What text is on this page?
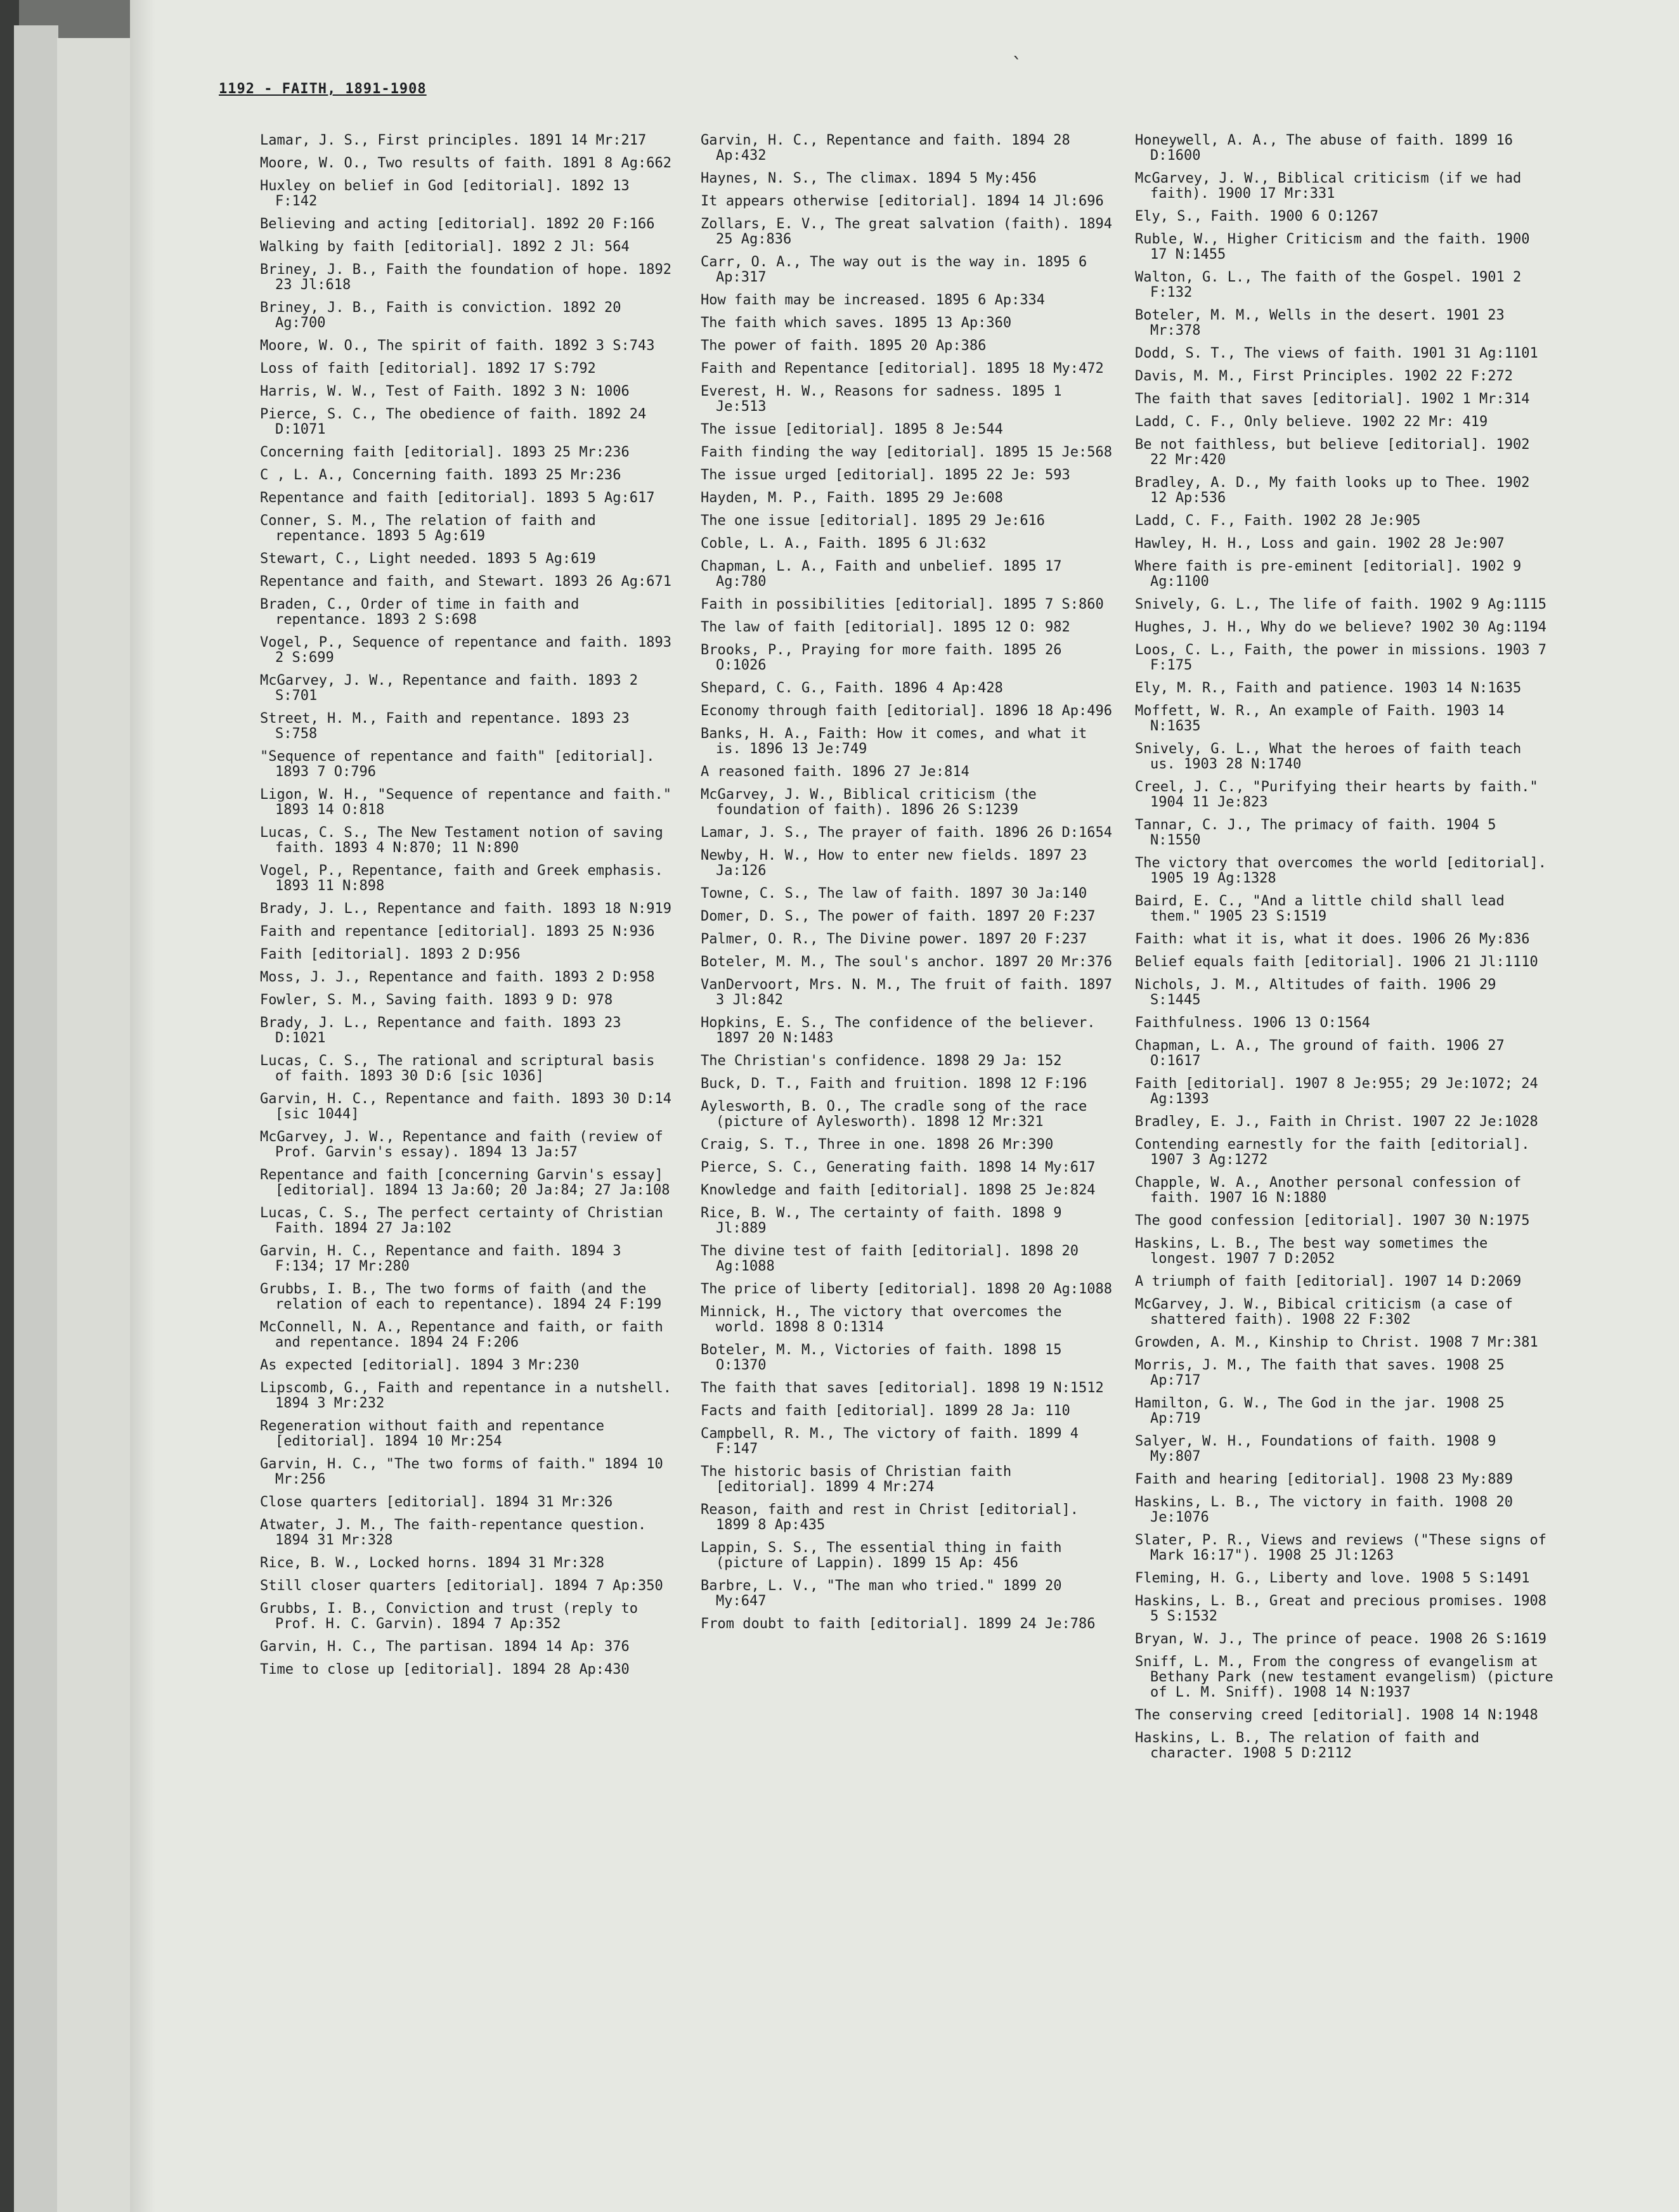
1192 - FAITH, 1891-1908
`
Lamar, J. S., First principles. 1891 14 Mr:217
Moore, W. O., Two results of faith. 1891 8 Ag:662
Huxley on belief in God [editorial]. 1892 13 F:142
Believing and acting [editorial]. 1892 20 F:166
Walking by faith [editorial]. 1892 2 Jl: 564
Briney, J. B., Faith the foundation of hope. 1892 23 Jl:618
Briney, J. B., Faith is conviction. 1892 20 Ag:700
Moore, W. O., The spirit of faith. 1892 3 S:743
Loss of faith [editorial]. 1892 17 S:792
Harris, W. W., Test of Faith. 1892 3 N: 1006
Pierce, S. C., The obedience of faith. 1892 24 D:1071
Concerning faith [editorial]. 1893 25 Mr:236
C , L. A., Concerning faith. 1893 25 Mr:236
Repentance and faith [editorial]. 1893 5 Ag:617
Conner, S. M., The relation of faith and repentance. 1893 5 Ag:619
Stewart, C., Light needed. 1893 5 Ag:619
Repentance and faith, and Stewart. 1893 26 Ag:671
Braden, C., Order of time in faith and repentance. 1893 2 S:698
Vogel, P., Sequence of repentance and faith. 1893 2 S:699
McGarvey, J. W., Repentance and faith. 1893 2 S:701
Street, H. M., Faith and repentance. 1893 23 S:758
"Sequence of repentance and faith" [editorial]. 1893 7 O:796
Ligon, W. H., "Sequence of repentance and faith." 1893 14 O:818
Lucas, C. S., The New Testament notion of saving faith. 1893 4 N:870; 11 N:890
Vogel, P., Repentance, faith and Greek emphasis. 1893 11 N:898
Brady, J. L., Repentance and faith. 1893 18 N:919
Faith and repentance [editorial]. 1893 25 N:936
Faith [editorial]. 1893 2 D:956
Moss, J. J., Repentance and faith. 1893 2 D:958
Fowler, S. M., Saving faith. 1893 9 D: 978
Brady, J. L., Repentance and faith. 1893 23 D:1021
Lucas, C. S., The rational and scriptural basis of faith. 1893 30 D:6 [sic 1036]
Garvin, H. C., Repentance and faith. 1893 30 D:14 [sic 1044]
McGarvey, J. W., Repentance and faith (review of Prof. Garvin's essay). 1894 13 Ja:57
Repentance and faith [concerning Garvin's essay] [editorial]. 1894 13 Ja:60; 20 Ja:84; 27 Ja:108
Lucas, C. S., The perfect certainty of Christian Faith. 1894 27 Ja:102
Garvin, H. C., Repentance and faith. 1894 3 F:134; 17 Mr:280
Grubbs, I. B., The two forms of faith (and the relation of each to repentance). 1894 24 F:199
McConnell, N. A., Repentance and faith, or faith and repentance. 1894 24 F:206
As expected [editorial]. 1894 3 Mr:230
Lipscomb, G., Faith and repentance in a nutshell. 1894 3 Mr:232
Regeneration without faith and repentance [editorial]. 1894 10 Mr:254
Garvin, H. C., "The two forms of faith." 1894 10 Mr:256
Close quarters [editorial]. 1894 31 Mr:326
Atwater, J. M., The faith-repentance question. 1894 31 Mr:328
Rice, B. W., Locked horns. 1894 31 Mr:328
Still closer quarters [editorial]. 1894 7 Ap:350
Grubbs, I. B., Conviction and trust (reply to Prof. H. C. Garvin). 1894 7 Ap:352
Garvin, H. C., The partisan. 1894 14 Ap: 376
Time to close up [editorial]. 1894 28 Ap:430
Garvin, H. C., Repentance and faith. 1894 28 Ap:432
Haynes, N. S., The climax. 1894 5 My:456
It appears otherwise [editorial]. 1894 14 Jl:696
Zollars, E. V., The great salvation (faith). 1894 25 Ag:836
Carr, O. A., The way out is the way in. 1895 6 Ap:317
How faith may be increased. 1895 6 Ap:334
The faith which saves. 1895 13 Ap:360
The power of faith. 1895 20 Ap:386
Faith and Repentance [editorial]. 1895 18 My:472
Everest, H. W., Reasons for sadness. 1895 1 Je:513
The issue [editorial]. 1895 8 Je:544
Faith finding the way [editorial]. 1895 15 Je:568
The issue urged [editorial]. 1895 22 Je: 593
Hayden, M. P., Faith. 1895 29 Je:608
The one issue [editorial]. 1895 29 Je:616
Coble, L. A., Faith. 1895 6 Jl:632
Chapman, L. A., Faith and unbelief. 1895 17 Ag:780
Faith in possibilities [editorial]. 1895 7 S:860
The law of faith [editorial]. 1895 12 O: 982
Brooks, P., Praying for more faith. 1895 26 O:1026
Shepard, C. G., Faith. 1896 4 Ap:428
Economy through faith [editorial]. 1896 18 Ap:496
Banks, H. A., Faith: How it comes, and what it is. 1896 13 Je:749
A reasoned faith. 1896 27 Je:814
McGarvey, J. W., Biblical criticism (the foundation of faith). 1896 26 S:1239
Lamar, J. S., The prayer of faith. 1896 26 D:1654
Newby, H. W., How to enter new fields. 1897 23 Ja:126
Towne, C. S., The law of faith. 1897 30 Ja:140
Domer, D. S., The power of faith. 1897 20 F:237
Palmer, O. R., The Divine power. 1897 20 F:237
Boteler, M. M., The soul's anchor. 1897 20 Mr:376
VanDervoort, Mrs. N. M., The fruit of faith. 1897 3 Jl:842
Hopkins, E. S., The confidence of the believer. 1897 20 N:1483
The Christian's confidence. 1898 29 Ja: 152
Buck, D. T., Faith and fruition. 1898 12 F:196
Aylesworth, B. O., The cradle song of the race (picture of Aylesworth). 1898 12 Mr:321
Craig, S. T., Three in one. 1898 26 Mr:390
Pierce, S. C., Generating faith. 1898 14 My:617
Knowledge and faith [editorial]. 1898 25 Je:824
Rice, B. W., The certainty of faith. 1898 9 Jl:889
The divine test of faith [editorial]. 1898 20 Ag:1088
The price of liberty [editorial]. 1898 20 Ag:1088
Minnick, H., The victory that overcomes the world. 1898 8 O:1314
Boteler, M. M., Victories of faith. 1898 15 O:1370
The faith that saves [editorial]. 1898 19 N:1512
Facts and faith [editorial]. 1899 28 Ja: 110
Campbell, R. M., The victory of faith. 1899 4 F:147
The historic basis of Christian faith [editorial]. 1899 4 Mr:274
Reason, faith and rest in Christ [editorial]. 1899 8 Ap:435
Lappin, S. S., The essential thing in faith (picture of Lappin). 1899 15 Ap: 456
Barbre, L. V., "The man who tried." 1899 20 My:647
From doubt to faith [editorial]. 1899 24 Je:786
Honeywell, A. A., The abuse of faith. 1899 16 D:1600
McGarvey, J. W., Biblical criticism (if we had faith). 1900 17 Mr:331
Ely, S., Faith. 1900 6 O:1267
Ruble, W., Higher Criticism and the faith. 1900 17 N:1455
Walton, G. L., The faith of the Gospel. 1901 2 F:132
Boteler, M. M., Wells in the desert. 1901 23 Mr:378
Dodd, S. T., The views of faith. 1901 31 Ag:1101
Davis, M. M., First Principles. 1902 22 F:272
The faith that saves [editorial]. 1902 1 Mr:314
Ladd, C. F., Only believe. 1902 22 Mr: 419
Be not faithless, but believe [editorial]. 1902 22 Mr:420
Bradley, A. D., My faith looks up to Thee. 1902 12 Ap:536
Ladd, C. F., Faith. 1902 28 Je:905
Hawley, H. H., Loss and gain. 1902 28 Je:907
Where faith is pre-eminent [editorial]. 1902 9 Ag:1100
Snively, G. L., The life of faith. 1902 9 Ag:1115
Hughes, J. H., Why do we believe? 1902 30 Ag:1194
Loos, C. L., Faith, the power in missions. 1903 7 F:175
Ely, M. R., Faith and patience. 1903 14 N:1635
Moffett, W. R., An example of Faith. 1903 14 N:1635
Snively, G. L., What the heroes of faith teach us. 1903 28 N:1740
Creel, J. C., "Purifying their hearts by faith." 1904 11 Je:823
Tannar, C. J., The primacy of faith. 1904 5 N:1550
The victory that overcomes the world [editorial]. 1905 19 Ag:1328
Baird, E. C., "And a little child shall lead them." 1905 23 S:1519
Faith: what it is, what it does. 1906 26 My:836
Belief equals faith [editorial]. 1906 21 Jl:1110
Nichols, J. M., Altitudes of faith. 1906 29 S:1445
Faithfulness. 1906 13 O:1564
Chapman, L. A., The ground of faith. 1906 27 O:1617
Faith [editorial]. 1907 8 Je:955; 29 Je:1072; 24 Ag:1393
Bradley, E. J., Faith in Christ. 1907 22 Je:1028
Contending earnestly for the faith [editorial]. 1907 3 Ag:1272
Chapple, W. A., Another personal confession of faith. 1907 16 N:1880
The good confession [editorial]. 1907 30 N:1975
Haskins, L. B., The best way sometimes the longest. 1907 7 D:2052
A triumph of faith [editorial]. 1907 14 D:2069
McGarvey, J. W., Bibical criticism (a case of shattered faith). 1908 22 F:302
Growden, A. M., Kinship to Christ. 1908 7 Mr:381
Morris, J. M., The faith that saves. 1908 25 Ap:717
Hamilton, G. W., The God in the jar. 1908 25 Ap:719
Salyer, W. H., Foundations of faith. 1908 9 My:807
Faith and hearing [editorial]. 1908 23 My:889
Haskins, L. B., The victory in faith. 1908 20 Je:1076
Slater, P. R., Views and reviews ("These signs of Mark 16:17"). 1908 25 Jl:1263
Fleming, H. G., Liberty and love. 1908 5 S:1491
Haskins, L. B., Great and precious promises. 1908 5 S:1532
Bryan, W. J., The prince of peace. 1908 26 S:1619
Sniff, L. M., From the congress of evangelism at Bethany Park (new testament evangelism) (picture of L. M. Sniff). 1908 14 N:1937
The conserving creed [editorial]. 1908 14 N:1948
Haskins, L. B., The relation of faith and character. 1908 5 D:2112
